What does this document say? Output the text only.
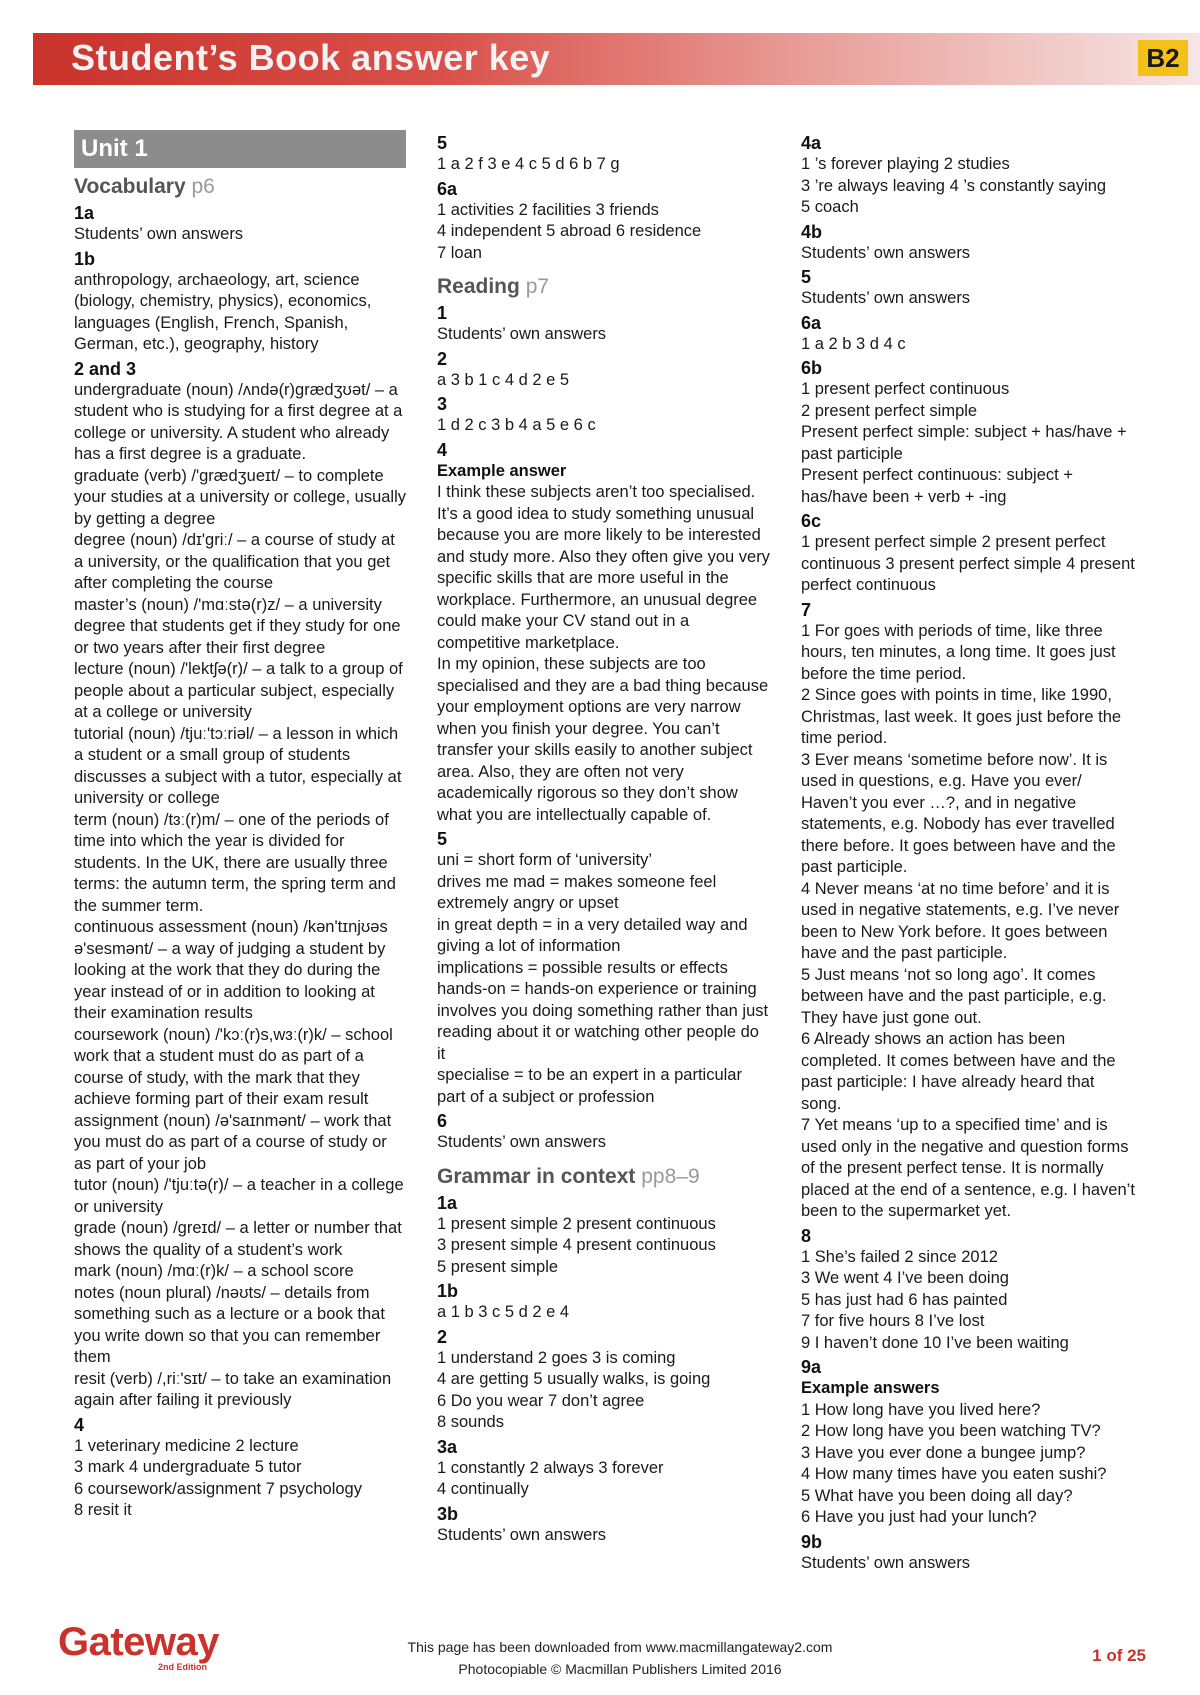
Student’s Book answer key	B2
Unit 1
Vocabulary p6
1a

Students’ own answers

1b

anthropology, archaeology, art, science (biology, chemistry, physics), economics, languages (English, French, Spanish, German, etc.), geography, history

2 and 3

undergraduate (noun) /ʌndə(r)grædʒʊət/ – a student who is studying for a first degree at a college or university. A student who already has a first degree is a graduate.

graduate (verb) /'grædʒueɪt/ – to complete your studies at a university or college, usually by getting a degree

degree (noun) /dɪ'griː/ – a course of study at a university, or the qualification that you get after completing the course

master’s (noun) /'mɑːstə(r)z/ – a university degree that students get if they study for one or two years after their first degree

lecture (noun) /'lektʃə(r)/ – a talk to a group of people about a particular subject, especially at a college or university

tutorial (noun) /tjuː'tɔːriəl/ – a lesson in which a student or a small group of students discusses a subject with a tutor, especially at university or college

term (noun) /tɜː(r)m/ – one of the periods of time into which the year is divided for students. In the UK, there are usually three terms: the autumn term, the spring term and the summer term.

continuous assessment (noun) /kən'tɪnjʊəs ə'sesmənt/ – a way of judging a student by looking at the work that they do during the year instead of or in addition to looking at their examination results

coursework (noun) /'kɔː(r)s,wɜː(r)k/ – school work that a student must do as part of a course of study, with the mark that they achieve forming part of their exam result

assignment (noun) /ə'saɪnmənt/ – work that you must do as part of a course of study or as part of your job

tutor (noun) /'tjuːtə(r)/ – a teacher in a college or university

grade (noun) /greɪd/ – a letter or number that shows the quality of a student’s work

mark (noun) /mɑː(r)k/ – a school score

notes (noun plural) /nəʊts/ – details from something such as a lecture or a book that you write down so that you can remember them

resit (verb) /,riː'sɪt/ – to take an examination again after failing it previously

4

1 veterinary medicine 2 lecture

3 mark 4 undergraduate 5 tutor

6 coursework/assignment 7 psychology

8 resit it

5

1 a 2 f 3 e 4 c 5 d 6 b 7 g

6a

1 activities 2 facilities 3 friends

4 independent 5 abroad 6 residence

7 loan

Reading p7
1

Students’ own answers

2

a 3 b 1 c 4 d 2 e 5

3

1 d 2 c 3 b 4 a 5 e 6 c

4

Example answer

I think these subjects aren’t too specialised. It’s a good idea to study something unusual because you are more likely to be interested and study more. Also they often give you very specific skills that are more useful in the workplace. Furthermore, an unusual degree could make your CV stand out in a competitive marketplace.

In my opinion, these subjects are too specialised and they are a bad thing because your employment options are very narrow when you finish your degree. You can’t transfer your skills easily to another subject area. Also, they are often not very academically rigorous so they don’t show what you are intellectually capable of.

5

uni = short form of ‘university’

drives me mad = makes someone feel extremely angry or upset

in great depth = in a very detailed way and giving a lot of information

implications = possible results or effects

hands-on = hands-on experience or training involves you doing something rather than just reading about it or watching other people do it

specialise = to be an expert in a particular part of a subject or profession

6

Students’ own answers

Grammar in context pp8–9
1a

1 present simple 2 present continuous

3 present simple 4 present continuous

5 present simple

1b

a 1 b 3 c 5 d 2 e 4

2

1 understand 2 goes 3 is coming

4 are getting 5 usually walks, is going

6 Do you wear 7 don’t agree

8 sounds

3a

1 constantly 2 always 3 forever

4 continually

3b

Students’ own answers

4a

1 ’s forever playing 2 studies

3 ’re always leaving 4 ’s constantly saying

5 coach

4b

Students’ own answers

5

Students’ own answers

6a

1 a 2 b 3 d 4 c

6b

1 present perfect continuous

2 present perfect simple

Present perfect simple: subject + has/have + past participle

Present perfect continuous: subject + has/have been + verb + -ing

6c

1 present perfect simple 2 present perfect continuous 3 present perfect simple 4 present perfect continuous

7

1 For goes with periods of time, like three hours, ten minutes, a long time. It goes just before the time period.

2 Since goes with points in time, like 1990, Christmas, last week. It goes just before the time period.

3 Ever means ‘sometime before now’. It is used in questions, e.g. Have you ever/ Haven’t you ever …?, and in negative statements, e.g. Nobody has ever travelled there before. It goes between have and the past participle.

4 Never means ‘at no time before’ and it is used in negative statements, e.g. I’ve never been to New York before. It goes between have and the past participle.

5 Just means ‘not so long ago’. It comes between have and the past participle, e.g. They have just gone out.

6 Already shows an action has been completed. It comes between have and the past participle: I have already heard that song.

7 Yet means ‘up to a specified time’ and is used only in the negative and question forms of the present perfect tense. It is normally placed at the end of a sentence, e.g. I haven’t been to the supermarket yet.

8

1 She’s failed 2 since 2012

3 We went 4 I’ve been doing

5 has just had 6 has painted

7 for five hours 8 I’ve lost

9 I haven’t done 10 I’ve been waiting

9a

Example answers

1 How long have you lived here?

2 How long have you been watching TV?

3 Have you ever done a bungee jump?

4 How many times have you eaten sushi?

5 What have you been doing all day?

6 Have you just had your lunch?

9b

Students’ own answers

Gateway
2nd Edition
This page has been downloaded from www.macmillangateway2.com
Photocopiable © Macmillan Publishers Limited 2016
1 of 25
